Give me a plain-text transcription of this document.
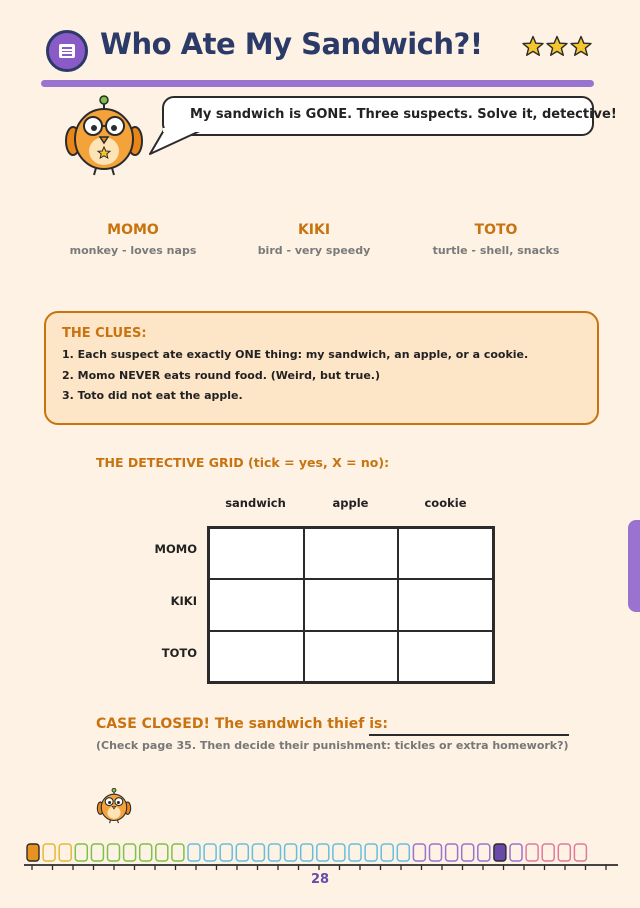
Who Ate My Sandwich?!
My sandwich is GONE. Three suspects. Solve it, detective!
MOMO
monkey - loves naps
KIKI
bird - very speedy
TOTO
turtle - shell, snacks
THE CLUES:
1. Each suspect ate exactly ONE thing: my sandwich, an apple, or a cookie.
2. Momo NEVER eats round food. (Weird, but true.)
3. Toto did not eat the apple.
THE DETECTIVE GRID (tick = yes, X = no):
sandwich	apple	cookie
MOMO
KIKI
TOTO
CASE CLOSED! The sandwich thief is:
(Check page 35. Then decide their punishment: tickles or extra homework?)
28
